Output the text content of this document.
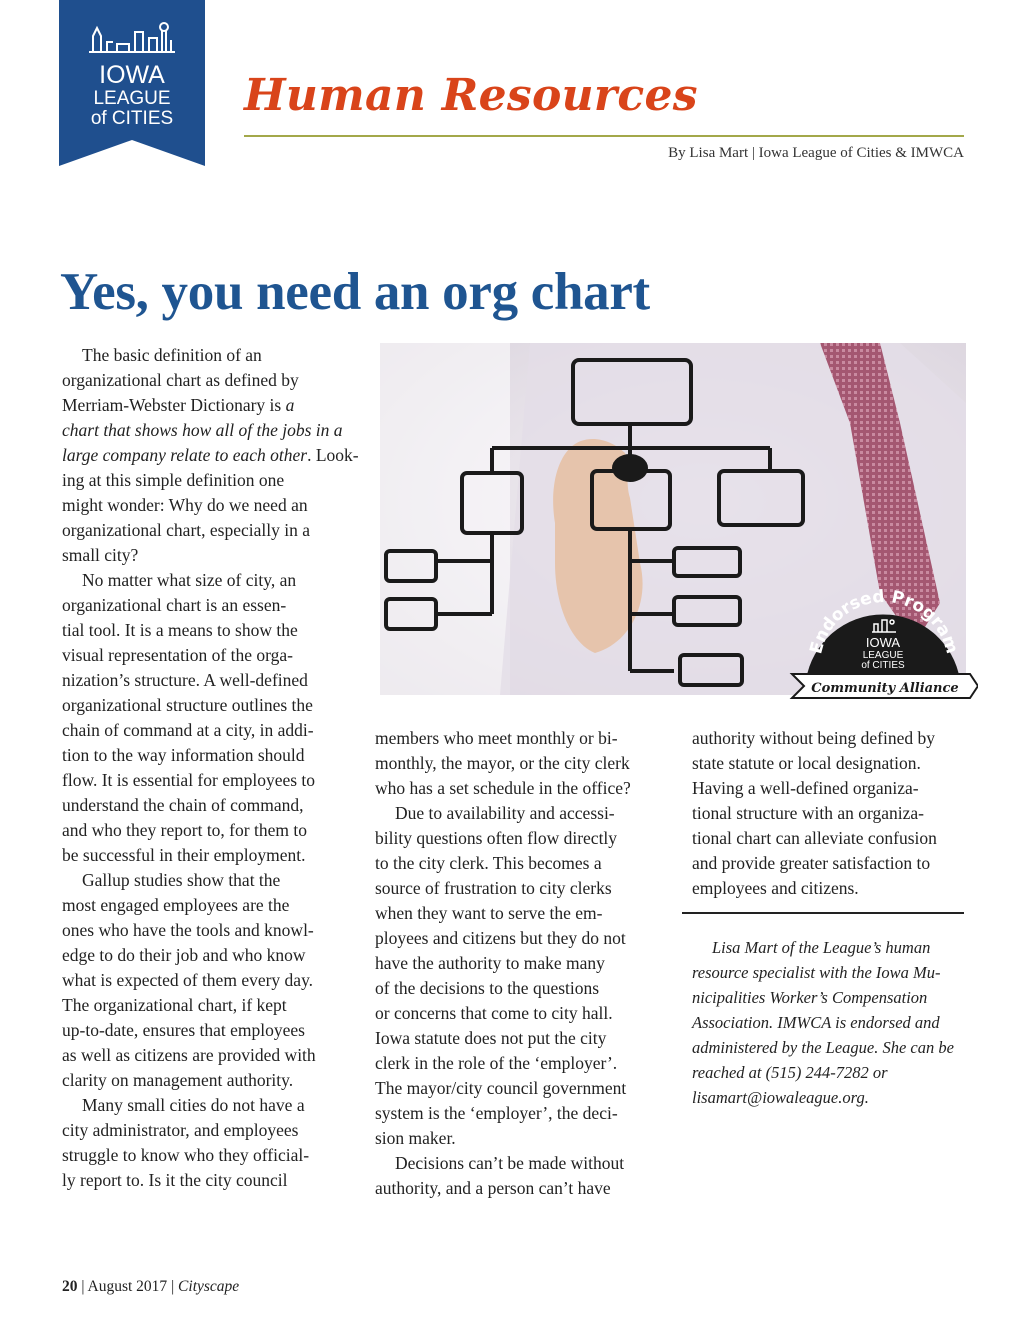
IOWA
LEAGUE
of CITIES Human Resources
By Lisa Mart | Iowa League of Cities & IMWCA
Yes, you need an org chart
The basic definition of an
organizational chart as defined by
Merriam-Webster Dictionary is a
chart that shows how all of the jobs in a
large company relate to each other. Look-
ing at this simple definition one
might wonder: Why do we need an
organizational chart, especially in a
small city?
No matter what size of city, an
organizational chart is an essen-
tial tool. It is a means to show the
visual representation of the orga-
nization’s structure. A well-defined
organizational structure outlines the
chain of command at a city, in addi-
tion to the way information should
flow. It is essential for employees to
understand the chain of command,
and who they report to, for them to
be successful in their employment.
Gallup studies show that the
most engaged employees are the
ones who have the tools and knowl-
edge to do their job and who know
what is expected of them every day.
The organizational chart, if kept
up-to-date, ensures that employees
as well as citizens are provided with
clarity on management authority.
Many small cities do not have a
city administrator, and employees
struggle to know who they official-
ly report to. Is it the city council
Endorsed Program
IOWA
LEAGUE
of CITIES
Community Alliance
members who meet monthly or bi-
monthly, the mayor, or the city clerk
who has a set schedule in the office?
Due to availability and accessi-
bility questions often flow directly
to the city clerk. This becomes a
source of frustration to city clerks
when they want to serve the em-
ployees and citizens but they do not
have the authority to make many
of the decisions to the questions
or concerns that come to city hall.
Iowa statute does not put the city
clerk in the role of the ‘employer’.
The mayor/city council government
system is the ‘employer’, the deci-
sion maker.
Decisions can’t be made without
authority, and a person can’t have
authority without being defined by
state statute or local designation.
Having a well-defined organiza-
tional structure with an organiza-
tional chart can alleviate confusion
and provide greater satisfaction to
employees and citizens.
Lisa Mart of the League’s human
resource specialist with the Iowa Mu-
nicipalities Worker’s Compensation
Association. IMWCA is endorsed and
administered by the League. She can be
reached at (515) 244-7282 or
lisamart@iowaleague.org.
20 | August 2017 | Cityscape
